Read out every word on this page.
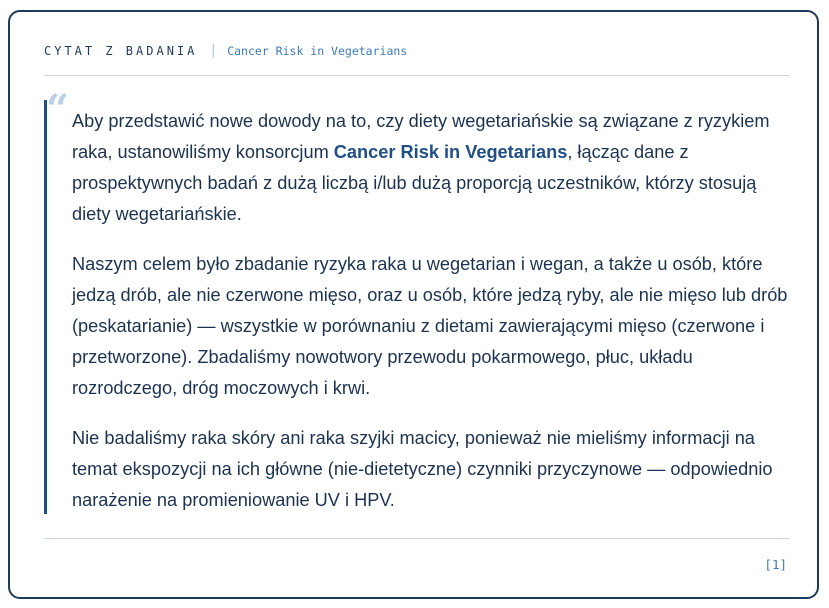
CYTAT Z BADANIA | Cancer Risk in Vegetarians
“ Aby przedstawić nowe dowody na to, czy diety wegetariańskie są związane z ryzykiem raka, ustanowiliśmy konsorcjum Cancer Risk in Vegetarians, łącząc dane z prospektywnych badań z dużą liczbą i/lub dużą proporcją uczestników, którzy stosują diety wegetariańskie.

Naszym celem było zbadanie ryzyka raka u wegetarian i wegan, a także u osób, które jedzą drób, ale nie czerwone mięso, oraz u osób, które jedzą ryby, ale nie mięso lub drób (peskatarianie) — wszystkie w porównaniu z dietami zawierającymi mięso (czerwone i przetworzone). Zbadaliśmy nowotwory przewodu pokarmowego, płuc, układu rozrodczego, dróg moczowych i krwi.

Nie badaliśmy raka skóry ani raka szyjki macicy, ponieważ nie mieliśmy informacji na temat ekspozycji na ich główne (nie-dietetyczne) czynniki przyczynowe — odpowiednio narażenie na promieniowanie UV i HPV.

[1]
